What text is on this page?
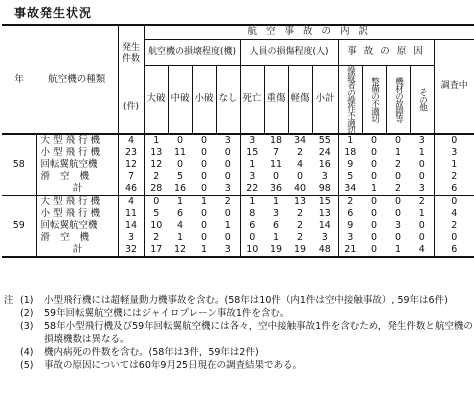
事故発生状況
年	航空機の種類	発生件数	航 空 事 故 の 内 訳												
			航空機の損壊程度(機)				人員の損傷程度(人)				事 故 の 原 因				調査中
			大破	中破	小破	なし	死亡	重傷	軽傷	小計	操縦者の操作不適切	整備の不適切	機材の故障等	その他	

		(件)													
58	大型飛行機	4	1	0	0	3	3	18	34	55	1	0	0	3	0
	小型飛行機	23	13	11	0	0	15	7	2	24	18	0	1	1	3
	回転翼航空機	12	12	0	0	0	1	11	4	16	9	0	2	0	1
	滑空機	7	2	5	0	0	3	0	0	3	5	0	0	0	2
	計	46	28	16	0	3	22	36	40	98	34	1	2	3	6
59	大型飛行機	4	0	1	1	2	1	1	13	15	2	0	0	2	0
	小型飛行機	11	5	6	0	0	8	3	2	13	6	0	0	1	4
	回転翼航空機	14	10	4	0	1	6	6	2	14	9	0	3	0	2
	滑空機	3	2	1	0	0	0	1	2	3	3	0	0	0	0
	計	32	17	12	1	3	10	19	19	48	21	0	1	4	6
注 (1) 小型飛行機には超軽量動力機事故を含む。(58年は10件（内1件は空中接触事故）, 59年は6件)
(2) 59年回転翼航空機にはジャイロプレーン事故1件を含む。
(3) 58年小型飛行機及び59年回転翼航空機には各々，空中接触事故1件を含むため，発生件数と航空機の損壊機数は異なる。
(4) 機内病死の件数を含む。(58年は3件，59年は2件)
(5) 事故の原因については60年9月25日現在の調査結果である。
